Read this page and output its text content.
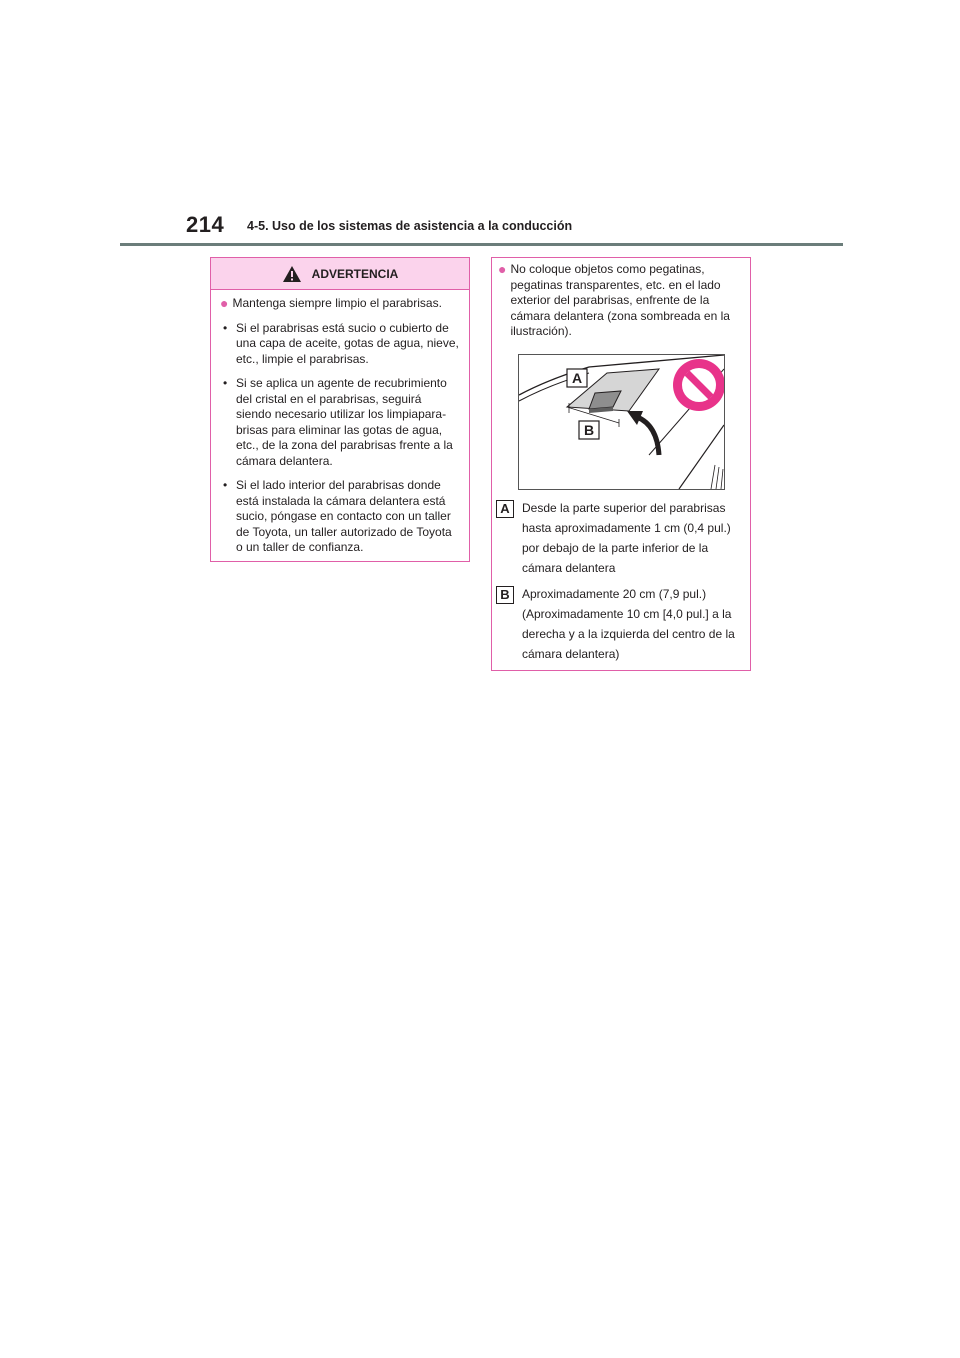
214 4-5. Uso de los sistemas de asistencia a la conducción
ADVERTENCIA
● Mantenga siempre limpio el parabrisas.
• Si el parabrisas está sucio o cubierto de una capa de aceite, gotas de agua, nieve, etc., limpie el parabrisas.
• Si se aplica un agente de recubrimiento del cristal en el parabrisas, seguirá siendo necesario utilizar los limpiapara-brisas para eliminar las gotas de agua, etc., de la zona del parabrisas frente a la cámara delantera.
• Si el lado interior del parabrisas donde está instalada la cámara delantera está sucio, póngase en contacto con un taller de Toyota, un taller autorizado de Toyota o un taller de confianza.
● No coloque objetos como pegatinas, pegatinas transparentes, etc. en el lado exterior del parabrisas, enfrente de la cámara delantera (zona sombreada en la ilustración).
A
B
A	Desde la parte superior del parabrisas hasta aproximadamente 1 cm (0,4 pul.) por debajo de la parte inferior de la cámara delantera
B	Aproximadamente 20 cm (7,9 pul.) (Aproximadamente 10 cm [4,0 pul.] a la derecha y a la izquierda del centro de la cámara delantera)
